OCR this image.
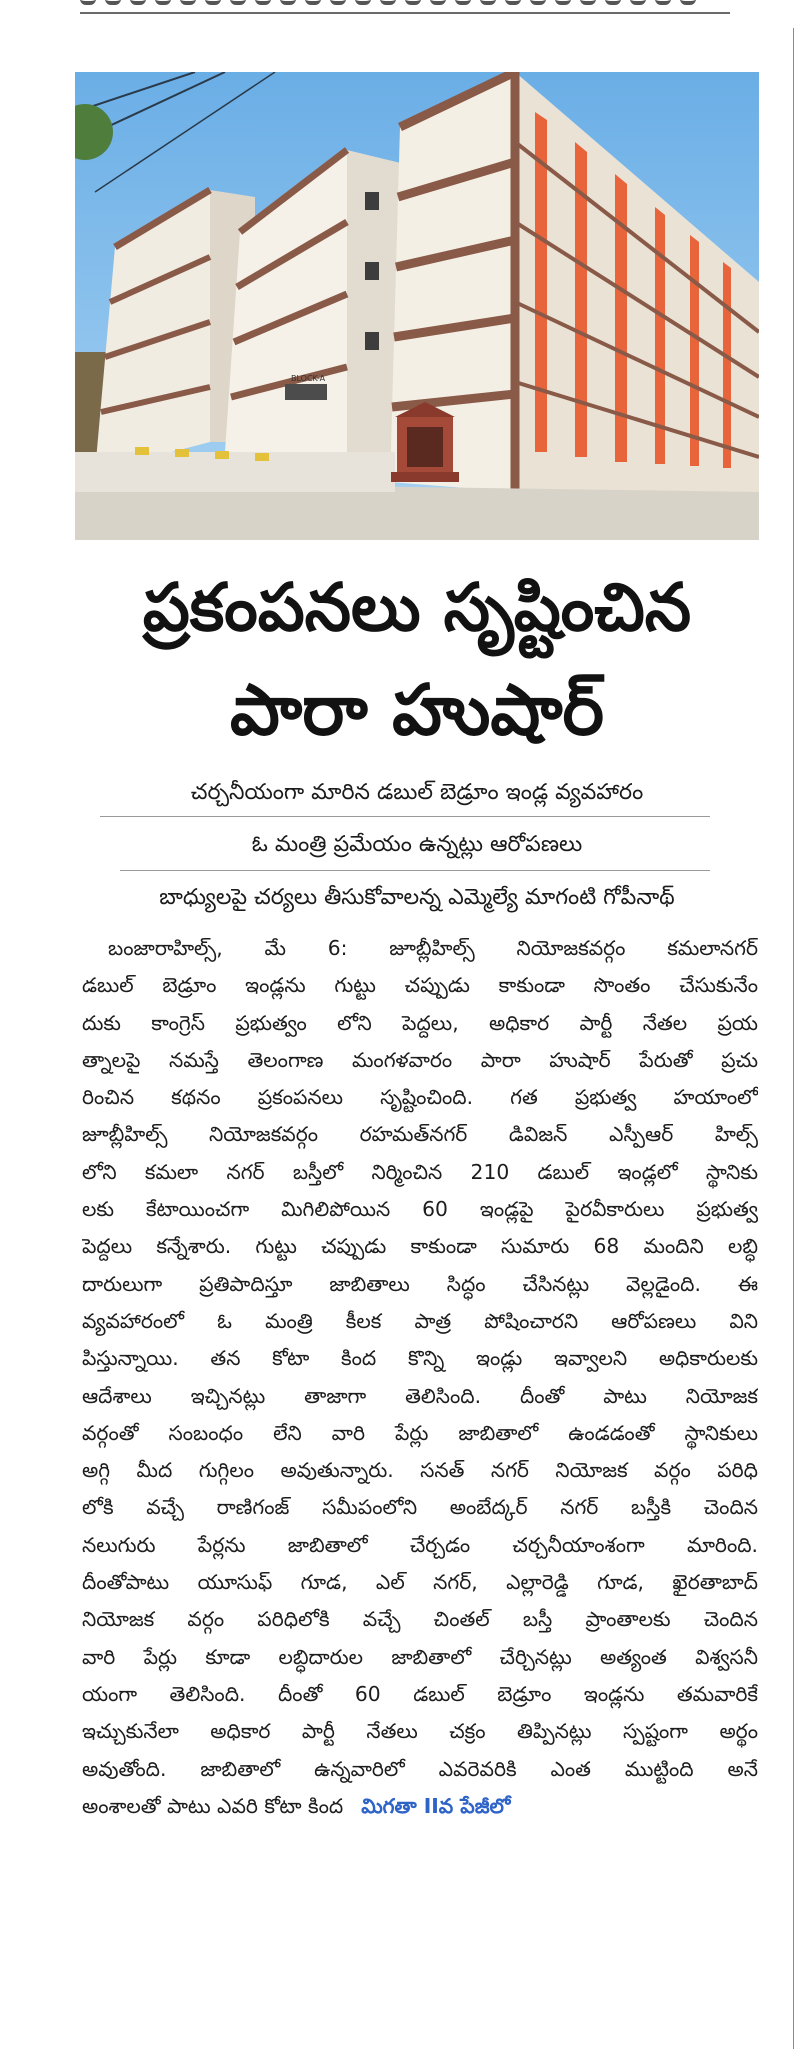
BLOCK-A
ప్రకంపనలు సృష్టించిన
పారా హుషార్
చర్చనీయంగా మారిన డబుల్ బెడ్రూం ఇండ్ల వ్యవహారం
ఓ మంత్రి ప్రమేయం ఉన్నట్లు ఆరోపణలు
బాధ్యులపై చర్యలు తీసుకోవాలన్న ఎమ్మెల్యే మాగంటి గోపీనాథ్
బంజారాహిల్స్, మే 6: జూబ్లీహిల్స్ నియోజకవర్గం కమలానగర్
డబుల్ బెడ్రూం ఇండ్లను గుట్టు చప్పుడు కాకుండా సొంతం చేసుకునేం
దుకు కాంగ్రెస్ ప్రభుత్వం లోని పెద్దలు, అధికార పార్టీ నేతల ప్రయ
త్నాలపై నమస్తే తెలంగాణ మంగళవారం పారా హుషార్ పేరుతో ప్రచు
రించిన కథనం ప్రకంపనలు సృష్టించింది. గత ప్రభుత్వ హయాంలో
జూబ్లీహిల్స్ నియోజకవర్గం రహమత్‌నగర్ డివిజన్ ఎస్పీఆర్ హిల్స్
లోని కమలా నగర్ బస్తీలో నిర్మించిన 210 డబుల్ ఇండ్లలో స్థానికు
లకు కేటాయించగా మిగిలిపోయిన 60 ఇండ్లపై పైరవీకారులు ప్రభుత్వ
పెద్దలు కన్నేశారు. గుట్టు చప్పుడు కాకుండా సుమారు 68 మందిని లబ్ధి
దారులుగా ప్రతిపాదిస్తూ జాబితాలు సిద్ధం చేసినట్లు వెల్లడైంది. ఈ
వ్యవహారంలో ఓ మంత్రి కీలక పాత్ర పోషించారని ఆరోపణలు విని
పిస్తున్నాయి. తన కోటా కింద కొన్ని ఇండ్లు ఇవ్వాలని అధికారులకు
ఆదేశాలు ఇచ్చినట్లు తాజాగా తెలిసింది. దీంతో పాటు నియోజక
వర్గంతో సంబంధం లేని వారి పేర్లు జాబితాలో ఉండడంతో స్థానికులు
అగ్గి మీద గుగ్గిలం అవుతున్నారు. సనత్ నగర్ నియోజక వర్గం పరిధి
లోకి వచ్చే రాణిగంజ్ సమీపంలోని అంబేద్కర్ నగర్ బస్తీకి చెందిన
నలుగురు పేర్లను జాబితాలో చేర్చడం చర్చనీయాంశంగా మారింది.
దీంతోపాటు యూసుఫ్ గూడ, ఎల్ నగర్, ఎల్లారెడ్డి గూడ, ఖైరతాబాద్
నియోజక వర్గం పరిధిలోకి వచ్చే చింతల్ బస్తీ ప్రాంతాలకు చెందిన
వారి పేర్లు కూడా లబ్ధిదారుల జాబితాలో చేర్చినట్లు అత్యంత విశ్వసనీ
యంగా తెలిసింది. దీంతో 60 డబుల్ బెడ్రూం ఇండ్లను తమవారికే
ఇచ్చుకునేలా అధికార పార్టీ నేతలు చక్రం తిప్పినట్లు స్పష్టంగా అర్థం
అవుతోంది. జాబితాలో ఉన్నవారిలో ఎవరెవరికి ఎంత ముట్టింది అనే
అంశాలతో పాటు ఎవరి కోటా కింద మిగతా IIవ పేజీలో
